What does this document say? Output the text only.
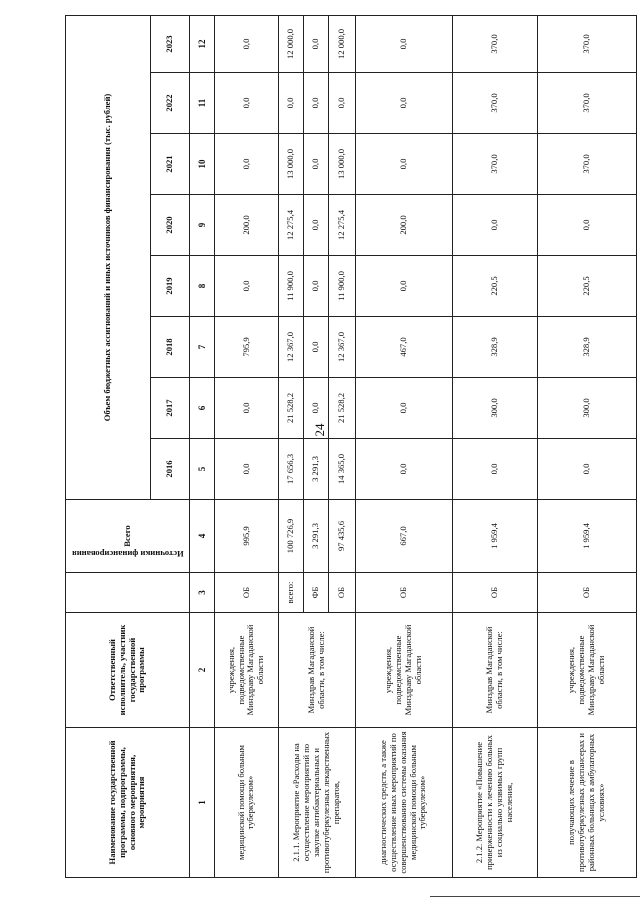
24
Наименование государственной программы, подпрограммы, основного мероприятия, мероприятия	Ответственный исполнитель, участник государственной программы	Источники финансирования	Всего	Объем бюджетных ассигнований и иных источников финансирования (тыс. рублей)							
				2016	2017	2018	2019	2020	2021	2022	2023
1	2	3	4	5	6	7	8	9	10	11	12
медицинской помощи больным туберкулезом»	учреждения, подведомственные Минздраву Магаданской области	ОБ	995,9	0,0	0,0	795,9	0,0	200,0	0,0	0,0	0,0
2.1.1. Мероприятие «Расходы на осуществление мероприятий по закупке антибактериальных и противотуберкулезных лекарственных препаратов,	Минздрав Магаданской области, в том числе:	всего:	100 726,9	17 656,3	21 528,2	12 367,0	11 900,0	12 275,4	13 000,0	0,0	12 000,0
		ФБ	3 291,3	3 291,3	0,0	0,0	0,0	0,0	0,0	0,0	0,0
		ОБ	97 435,6	14 365,0	21 528,2	12 367,0	11 900,0	12 275,4	13 000,0	0,0	12 000,0
диагностических средств, а также осуществление иных мероприятий по совершенствованию системы оказания медицинской помощи больным туберкулезом»	учреждения, подведомственные Минздраву Магаданской области	ОБ	667,0	0,0	0,0	467,0	0,0	200,0	0,0	0,0	0,0
2.1.2. Мероприятие «Повышение приверженности к лечению больных из социально уязвимых групп населения,	Минздрав Магаданской области, в том числе:	ОБ	1 959,4	0,0	300,0	328,9	220,5	0,0	370,0	370,0	370,0
получающих лечение в противотуберкулезных диспансерах и районных больницах в амбулаторных условиях»	учреждения, подведомственные Минздраву Магаданской области	ОБ	1 959,4	0,0	300,0	328,9	220,5	0,0	370,0	370,0	370,0
